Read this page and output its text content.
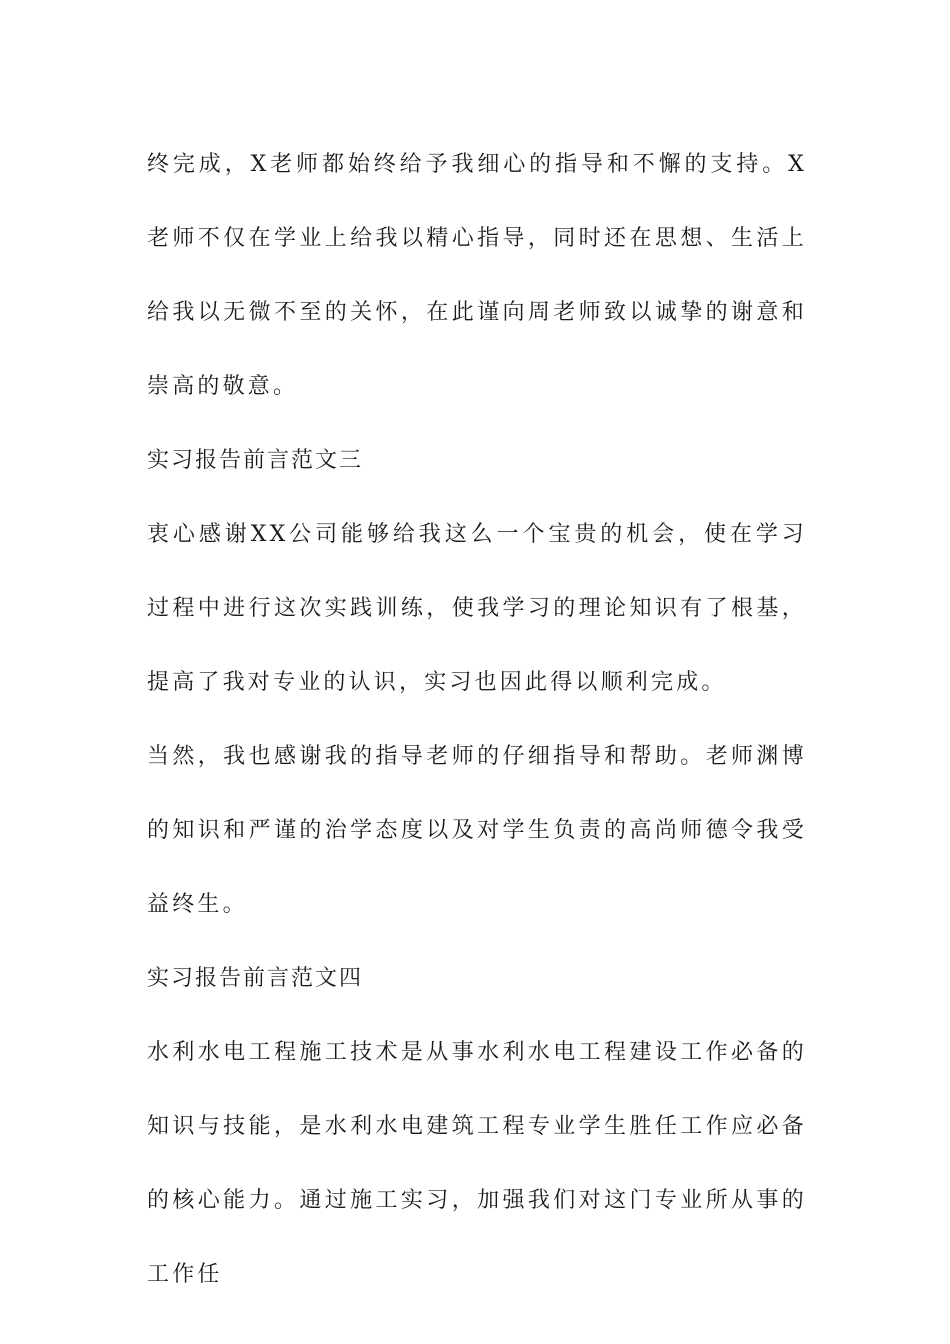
终完成，X老师都始终给予我细心的指导和不懈的支持。X老师不仅在学业上给我以精心指导，同时还在思想、生活上给我以无微不至的关怀，在此谨向周老师致以诚挚的谢意和崇高的敬意。

实习报告前言范文三

衷心感谢XX公司能够给我这么一个宝贵的机会，使在学习过程中进行这次实践训练，使我学习的理论知识有了根基，提高了我对专业的认识，实习也因此得以顺利完成。

当然，我也感谢我的指导老师的仔细指导和帮助。老师渊博的知识和严谨的治学态度以及对学生负责的高尚师德令我受益终生。

实习报告前言范文四

水利水电工程施工技术是从事水利水电工程建设工作必备的知识与技能，是水利水电建筑工程专业学生胜任工作应必备的核心能力。通过施工实习，加强我们对这门专业所从事的工作任
